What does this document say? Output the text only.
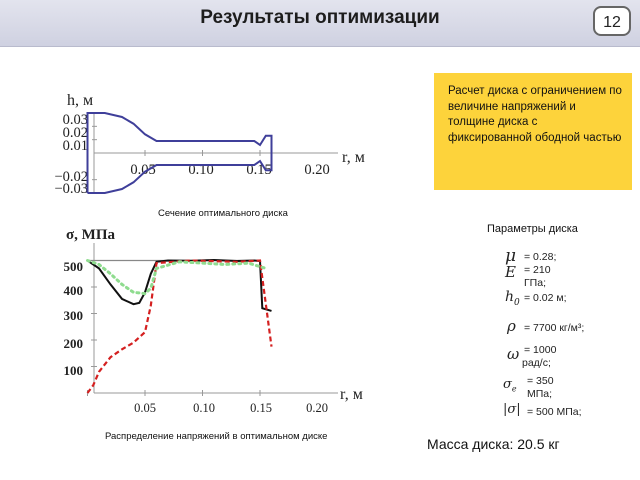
Результаты оптимизации	12
Расчет диска с ограничением по величине напряжений и толщине диска с фиксированной ободной частью
h, м
r, м
0.03
0.02
0.01
−0.02
−0.03
0.05 0.10 0.15 0.20
σ, МПа
r, м
500
400
300
200
100
0.05	0.10	0.15	0.20
Сечение оптимального диска
Распределение напряжений в оптимальном диске
Параметры диска
μ = 0.28;
E = 210
ГПа;
$h_0 = 0.02$ м;
ρ = 7700 кг/м³;
ω = 1000
рад/с;
$\sigma_e$
= 350
МПа;
|σ| = 500 МПа;
Масса диска: 20.5 кг
